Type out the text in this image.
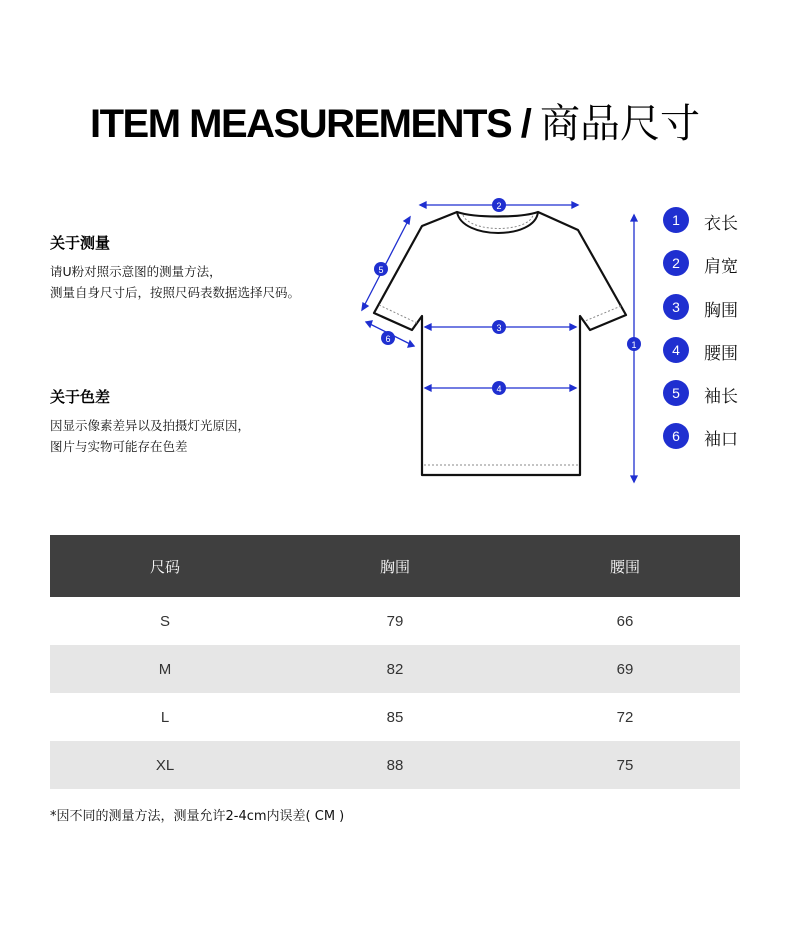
ITEM MEASUREMENTS / 商品尺寸
关于测量
请U粉对照示意图的测量方法，
测量自身尺寸后，按照尺码表数据选择尺码。
关于色差
因显示像素差异以及拍摄灯光原因，
图片与实物可能存在色差
2
3
4
1
5
6
1	衣长
2	肩宽
3	胸围
4	腰围
5	袖长
6	袖口
尺码	胸围	腰围
S	79	66
M	82	69
L	85	72
XL	88	75
*因不同的测量方法，测量允许2-4cm内误差( CM )
